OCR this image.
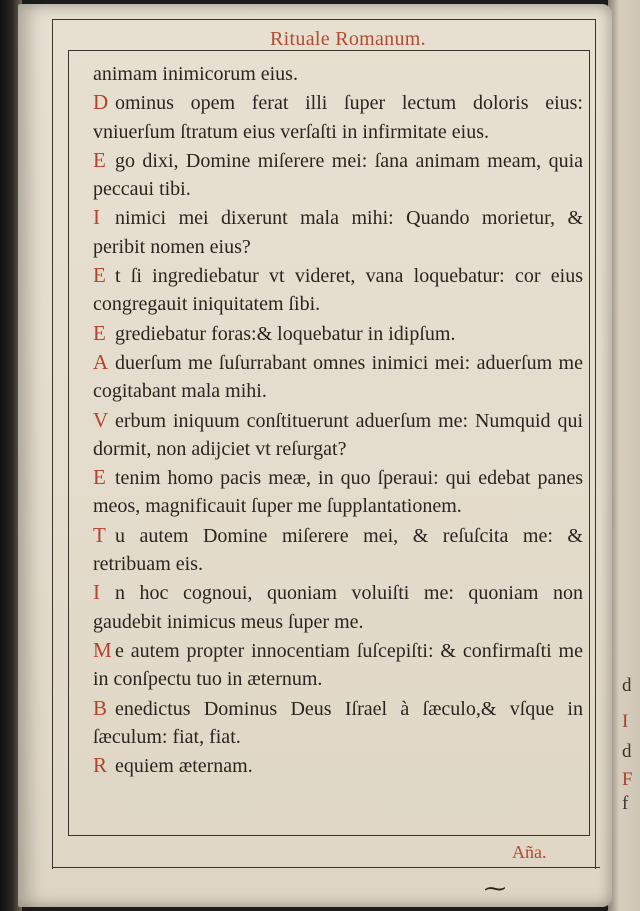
d
I
d
F
f
Rituale Romanum.

animam inimicorum eius.

D ominus opem ferat illi ſuper lectum doloris eius: vniuerſum ſtratum eius verſaſti in infirmitate eius.

E go dixi, Domine miſerere mei: ſana animam meam, quia peccaui tibi.

I nimici mei dixerunt mala mihi: Quando morietur, & peribit nomen eius?

E t ſi ingrediebatur vt videret, vana loquebatur: cor eius congregauit iniquitatem ſibi.

E grediebatur foras:& loquebatur in idipſum.

A duerſum me ſuſurrabant omnes inimici mei: aduerſum me cogitabant mala mihi.

V erbum iniquum conſtituerunt aduerſum me: Numquid qui dormit, non adijciet vt reſurgat?

E tenim homo pacis meæ, in quo ſperaui: qui edebat panes meos, magnificauit ſuper me ſupplantationem.

T u autem Domine miſerere mei, & reſuſcita me: & retribuam eis.

I n hoc cognoui, quoniam voluiſti me: quoniam non gaudebit inimicus meus ſuper me.

M e autem propter innocentiam ſuſcepiſti: & confirmaſti me in conſpectu tuo in æternum.

B enedictus Dominus Deus Iſrael à ſæculo,& vſque in ſæculum: fiat, fiat.

R equiem æternam.

Aña.
⁓
